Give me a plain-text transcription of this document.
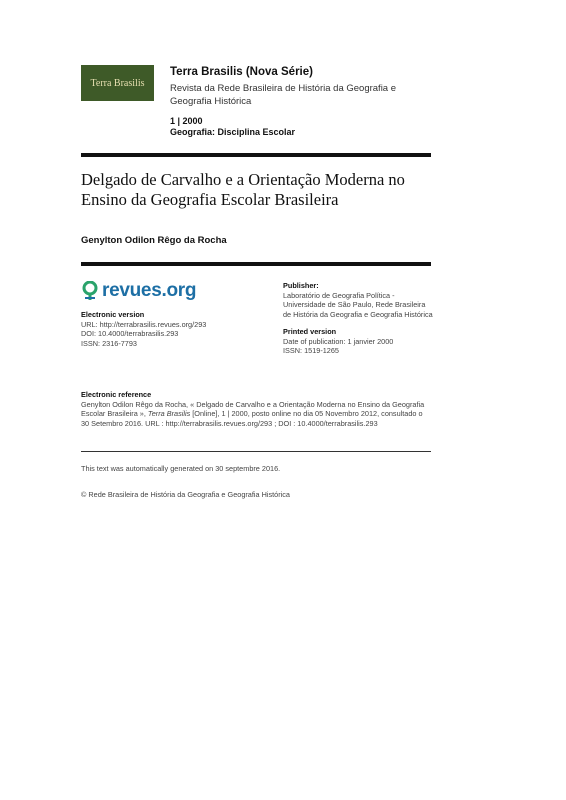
Terra Brasilis
Terra Brasilis (Nova Série)
Revista da Rede Brasileira de História da Geografia e Geografia Histórica
1 | 2000
Geografia: Disciplina Escolar
Delgado de Carvalho e a Orientação Moderna no Ensino da Geografia Escolar Brasileira
Genylton Odilon Rêgo da Rocha
revues.org
Electronic version
URL: http://terrabrasilis.revues.org/293
DOI: 10.4000/terrabrasilis.293
ISSN: 2316-7793
Publisher:
Laboratório de Geografia Política - Universidade de São Paulo, Rede Brasileira de História da Geografia e Geografia Histórica
Printed version
Date of publication: 1 janvier 2000
ISSN: 1519-1265
Electronic reference
Genylton Odilon Rêgo da Rocha, « Delgado de Carvalho e a Orientação Moderna no Ensino da Geografia Escolar Brasileira », Terra Brasilis [Online], 1 | 2000, posto online no dia 05 Novembro 2012, consultado o 30 Setembro 2016. URL : http://terrabrasilis.revues.org/293 ; DOI : 10.4000/terrabrasilis.293
This text was automatically generated on 30 septembre 2016.
© Rede Brasileira de História da Geografia e Geografia Histórica
